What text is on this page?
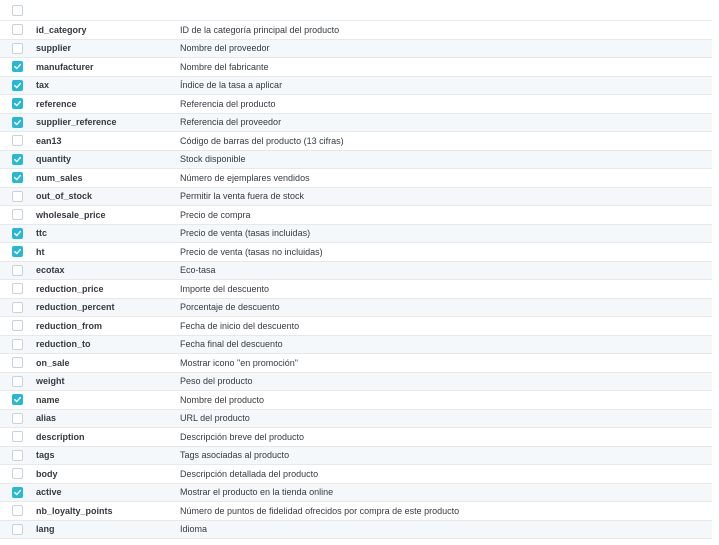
id_category	ID de la categoría principal del producto
supplier	Nombre del proveedor
manufacturer	Nombre del fabricante
tax	Índice de la tasa a aplicar
reference	Referencia del producto
supplier_reference	Referencia del proveedor
ean13	Código de barras del producto (13 cifras)
quantity	Stock disponible
num_sales	Número de ejemplares vendidos
out_of_stock	Permitir la venta fuera de stock
wholesale_price	Precio de compra
ttc	Precio de venta (tasas incluidas)
ht	Precio de venta (tasas no incluidas)
ecotax	Eco-tasa
reduction_price	Importe del descuento
reduction_percent	Porcentaje de descuento
reduction_from	Fecha de inicio del descuento
reduction_to	Fecha final del descuento
on_sale	Mostrar icono "en promoción"
weight	Peso del producto
name	Nombre del producto
alias	URL del producto
description	Descripción breve del producto
tags	Tags asociadas al producto
body	Descripción detallada del producto
active	Mostrar el producto en la tienda online
nb_loyalty_points	Número de puntos de fidelidad ofrecidos por compra de este producto
lang	Idioma
